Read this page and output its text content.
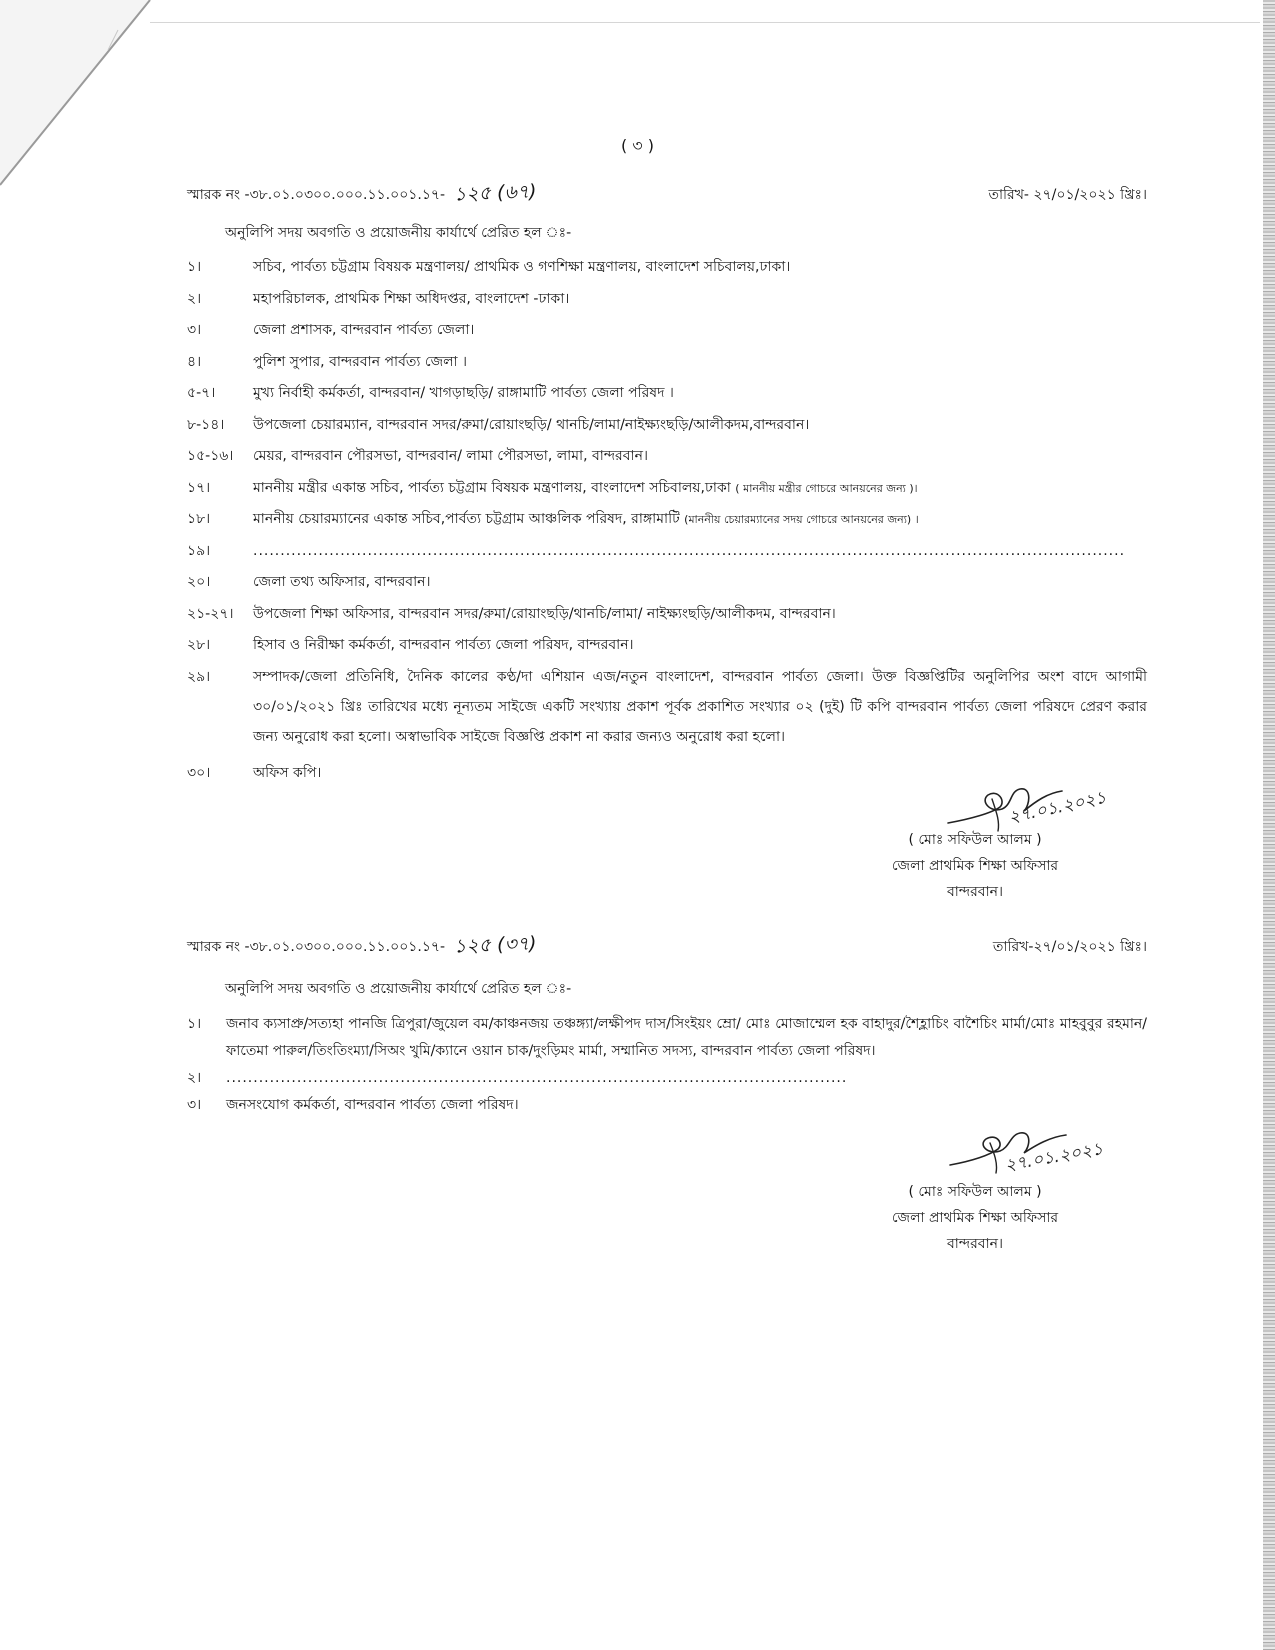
( ৩ )
স্মারক নং -৩৮.০১.০৩০০.০০০.১১.০০১.১৭- ১২৫ (৬৭)	তারিখ- ২৭/০১/২০২১ খ্রিঃ।
অনুলিপি সদয় অবগতি ও প্রয়োজনীয় কার্যার্থে প্রেরিত হল ঃ-
১।	সচিব, পার্বত্য চট্টগ্রাম বিষয়ক মন্ত্রণালয়/ প্রাথমিক ও গণশিক্ষা মন্ত্রণালয়, বাংলাদেশ সচিবালয়,ঢাকা।
২।	মহাপরিচালক, প্রাথমিক শিক্ষা অধিদপ্তর, বাংলাদেশ -ঢাকা।
৩।	জেলা প্রশাসক, বান্দরবান পার্বত্য জেলা।
৪।	পুলিশ সুপার, বান্দরবান পার্বত্য জেলা ।
৫-৭।	মুখ্য নির্বাহী কর্মকর্তা, বান্দরবান/ খাগড়াছড়ি/ রাঙ্গামাটি পার্বত্য জেলা পরিষদ ।
৮-১৪।	উপজেলা চেয়ারম্যান, বান্দরবান সদর/রুমা/রোয়াংছড়ি/ থানচি/লামা/নাইক্ষ্যংছড়ি/আলীকদম,বান্দরবান।
১৫-১৬।	মেয়র, বান্দরবান পৌরসভা, বান্দরবান/ লামা পৌরসভা, লামা, বান্দরবান।
১৭।	মাননীয় মন্ত্রীর একান্ত সচিব, পার্বত্য চট্টগ্রাম বিষয়ক মন্ত্রণালয়, বাংলাদেশ সচিবালয়,ঢাকা ( মাননীয় মন্ত্রীর গোচরে আনয়নের জন্য )।
১৮।	মাননীয় চেয়ারম্যানের একান্ত সচিব,পার্বত্য চট্টগ্রাম আঞ্চলিক পরিষদ, রাঙ্গামাটি (মাননীয় চেয়ারম্যানের সদয় গোচরে আনয়নের জন্য) ।
১৯।	................................................................................................................................................................
২০।	জেলা তথ্য অফিসার, বান্দরবান।
২১-২৭।	উপজেলা শিক্ষা অফিসার, বান্দরবান সদর/রুমা/রোয়াংছড়ি/থানচি/লামা/ নাইক্ষ্যংছড়ি/আলীকদম, বান্দরবান।
২৮।	হিসাব ও নিরীক্ষা কর্মকর্তা, বান্দরবান পার্বত্য জেলা পরিষদ, বান্দরবান।
২৯।	সম্পাদক/জেলা প্রতিনিধি, দৈনিক কালের কণ্ঠ/দা এশিয়ান এজ/নতুন বাংলাদেশ, বান্দরবান পার্বত্য জেলা। উক্ত বিজ্ঞপ্তিটির অনুলিপির অংশ বাদে আগামী ৩০/০১/২০২১ খ্রিঃ তারিখের মধ্যে নূন্যতম সাইজে একটি সংখ্যায় প্রকাশ পূর্বক প্রকাশিত সংখ্যার ০২ (দুই) টি কপি বান্দরবান পার্বত্য জেলা পরিষদে প্রেরণ করার জন্য অনুরোধ করা হলো। অস্বাভাবিক সাইজে বিজ্ঞপ্তি প্রকাশ না করার জন্যও অনুরোধ করা হলো।
৩০।	অফিস কপি।
২৭.০১.২০২১
( মোঃ সফিউল আলম )
জেলা প্রাথমিক শিক্ষা অফিসার
বান্দরবান।
স্মারক নং -৩৮.০১.০৩০০.০০০.১১.০০১.১৭- ১২৫ (৩৭)	তারিখ-২৭/০১/২০২১ খ্রিঃ।
অনুলিপি সদয় অবগতি ও প্রয়োজনীয় কার্যার্থে প্রেরিত হল ঃ-
১।	জনাব ক্যসাপ্রু/সত্যহা পানজি ত্রিপুরা/জুয়েল বম/কাঞ্চনজয় তঞ্চঙ্গ্যা/লক্ষীপদ দাস/সিংইয়ং ম্রো/ মোঃ মোজাম্মেল হক বাহাদুর/শৈহ্লাচিং বাশৈচিং মার্মা/মোঃ মাহবুবুর রহমান/ফাতেমা পারুল/তিংতিংম্যা/সিঅং খুমি/ক্যানে ওয়ান চাক/দুংড়িমং মার্মা, সম্মানিত সদস্য, বান্দরবান পার্বত্য জেলা পরিষদ।
২।	..................................................................................................................
৩।	জনসংযোগ কর্মকর্তা, বান্দরবান পার্বত্য জেলা পরিষদ।
২৭.০১.২০২১
( মোঃ সফিউল আলম )
জেলা প্রাথমিক শিক্ষা অফিসার
বান্দরবান।
